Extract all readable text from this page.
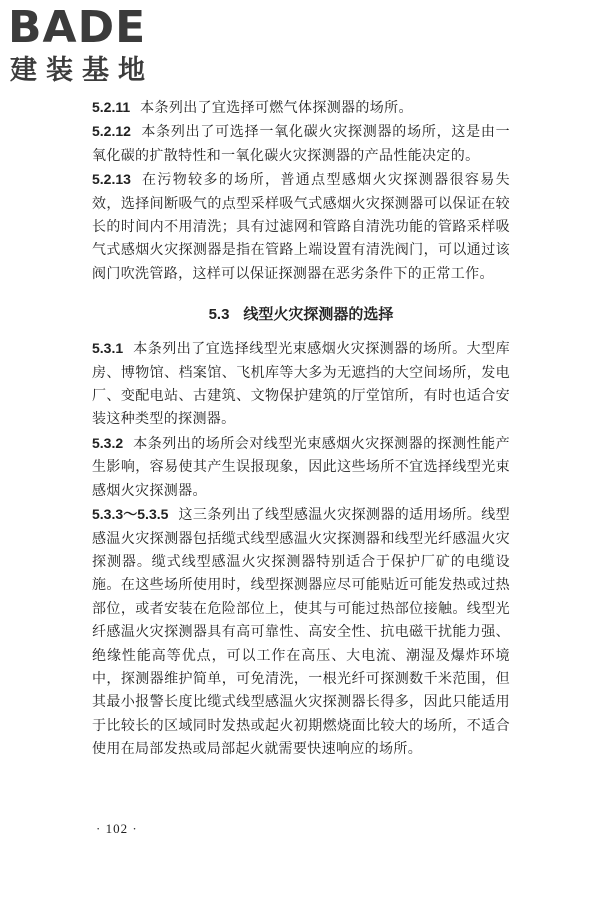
BADE
建装基地

5.2.11 本条列出了宜选择可燃气体探测器的场所。

5.2.12 本条列出了可选择一氧化碳火灾探测器的场所，这是由一氧化碳的扩散特性和一氧化碳火灾探测器的产品性能决定的。

5.2.13 在污物较多的场所，普通点型感烟火灾探测器很容易失效，选择间断吸气的点型采样吸气式感烟火灾探测器可以保证在较长的时间内不用清洗；具有过滤网和管路自清洗功能的管路采样吸气式感烟火灾探测器是指在管路上端设置有清洗阀门，可以通过该阀门吹洗管路，这样可以保证探测器在恶劣条件下的正常工作。

5.3 线型火灾探测器的选择

5.3.1 本条列出了宜选择线型光束感烟火灾探测器的场所。大型库房、博物馆、档案馆、飞机库等大多为无遮挡的大空间场所，发电厂、变配电站、古建筑、文物保护建筑的厅堂馆所，有时也适合安装这种类型的探测器。

5.3.2 本条列出的场所会对线型光束感烟火灾探测器的探测性能产生影响，容易使其产生误报现象，因此这些场所不宜选择线型光束感烟火灾探测器。

5.3.3～5.3.5 这三条列出了线型感温火灾探测器的适用场所。线型感温火灾探测器包括缆式线型感温火灾探测器和线型光纤感温火灾探测器。缆式线型感温火灾探测器特别适合于保护厂矿的电缆设施。在这些场所使用时，线型探测器应尽可能贴近可能发热或过热部位，或者安装在危险部位上，使其与可能过热部位接触。线型光纤感温火灾探测器具有高可靠性、高安全性、抗电磁干扰能力强、绝缘性能高等优点，可以工作在高压、大电流、潮湿及爆炸环境中，探测器维护简单，可免清洗，一根光纤可探测数千米范围，但其最小报警长度比缆式线型感温火灾探测器长得多，因此只能适用于比较长的区域同时发热或起火初期燃烧面比较大的场所，不适合使用在局部发热或局部起火就需要快速响应的场所。

· 102 ·
